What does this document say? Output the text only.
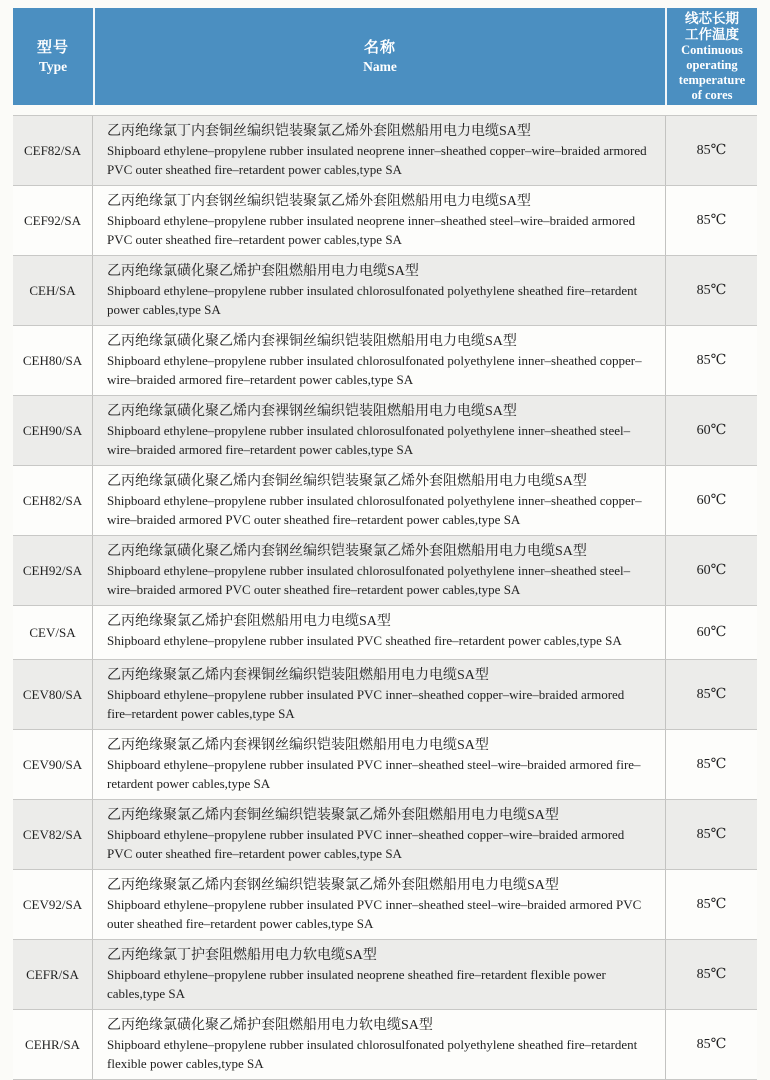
型号
Type
名称
Name
线芯长期
工作温度
Continuous
operating
temperature
of cores
CEF82/SA
乙丙绝缘氯丁内套铜丝编织铠装聚氯乙烯外套阻燃船用电力电缆SA型
Shipboard ethylene–propylene rubber insulated neoprene inner–sheathed copper–wire–braided armored PVC outer sheathed fire–retardent power cables,type SA
85℃
CEF92/SA
乙丙绝缘氯丁内套钢丝编织铠装聚氯乙烯外套阻燃船用电力电缆SA型
Shipboard ethylene–propylene rubber insulated neoprene inner–sheathed steel–wire–braided armored PVC outer sheathed fire–retardent power cables,type SA
85℃
CEH/SA
乙丙绝缘氯磺化聚乙烯护套阻燃船用电力电缆SA型
Shipboard ethylene–propylene rubber insulated chlorosulfonated polyethylene sheathed fire–retardent power cables,type SA
85℃
CEH80/SA
乙丙绝缘氯磺化聚乙烯内套裸铜丝编织铠装阻燃船用电力电缆SA型
Shipboard ethylene–propylene rubber insulated chlorosulfonated polyethylene inner–sheathed copper–wire–braided armored fire–retardent power cables,type SA
85℃
CEH90/SA
乙丙绝缘氯磺化聚乙烯内套裸钢丝编织铠装阻燃船用电力电缆SA型
Shipboard ethylene–propylene rubber insulated chlorosulfonated polyethylene inner–sheathed steel–wire–braided armored fire–retardent power cables,type SA
60℃
CEH82/SA
乙丙绝缘氯磺化聚乙烯内套铜丝编织铠装聚氯乙烯外套阻燃船用电力电缆SA型
Shipboard ethylene–propylene rubber insulated chlorosulfonated polyethylene inner–sheathed copper–wire–braided armored PVC outer sheathed fire–retardent power cables,type SA
60℃
CEH92/SA
乙丙绝缘氯磺化聚乙烯内套钢丝编织铠装聚氯乙烯外套阻燃船用电力电缆SA型
Shipboard ethylene–propylene rubber insulated chlorosulfonated polyethylene inner–sheathed steel–wire–braided armored PVC outer sheathed fire–retardent power cables,type SA
60℃
CEV/SA
乙丙绝缘聚氯乙烯护套阻燃船用电力电缆SA型
Shipboard ethylene–propylene rubber insulated PVC sheathed fire–retardent power cables,type SA
60℃
CEV80/SA
乙丙绝缘聚氯乙烯内套裸铜丝编织铠装阻燃船用电力电缆SA型
Shipboard ethylene–propylene rubber insulated PVC inner–sheathed copper–wire–braided armored fire–retardent power cables,type SA
85℃
CEV90/SA
乙丙绝缘聚氯乙烯内套裸钢丝编织铠装阻燃船用电力电缆SA型
Shipboard ethylene–propylene rubber insulated PVC inner–sheathed steel–wire–braided armored fire–retardent power cables,type SA
85℃
CEV82/SA
乙丙绝缘聚氯乙烯内套铜丝编织铠装聚氯乙烯外套阻燃船用电力电缆SA型
Shipboard ethylene–propylene rubber insulated PVC inner–sheathed copper–wire–braided armored PVC outer sheathed fire–retardent power cables,type SA
85℃
CEV92/SA
乙丙绝缘聚氯乙烯内套钢丝编织铠装聚氯乙烯外套阻燃船用电力电缆SA型
Shipboard ethylene–propylene rubber insulated PVC inner–sheathed steel–wire–braided armored PVC outer sheathed fire–retardent power cables,type SA
85℃
CEFR/SA
乙丙绝缘氯丁护套阻燃船用电力软电缆SA型
Shipboard ethylene–propylene rubber insulated neoprene sheathed fire–retardent flexible power cables,type SA
85℃
CEHR/SA
乙丙绝缘氯磺化聚乙烯护套阻燃船用电力软电缆SA型
Shipboard ethylene–propylene rubber insulated chlorosulfonated polyethylene sheathed fire–retardent flexible power cables,type SA
85℃
